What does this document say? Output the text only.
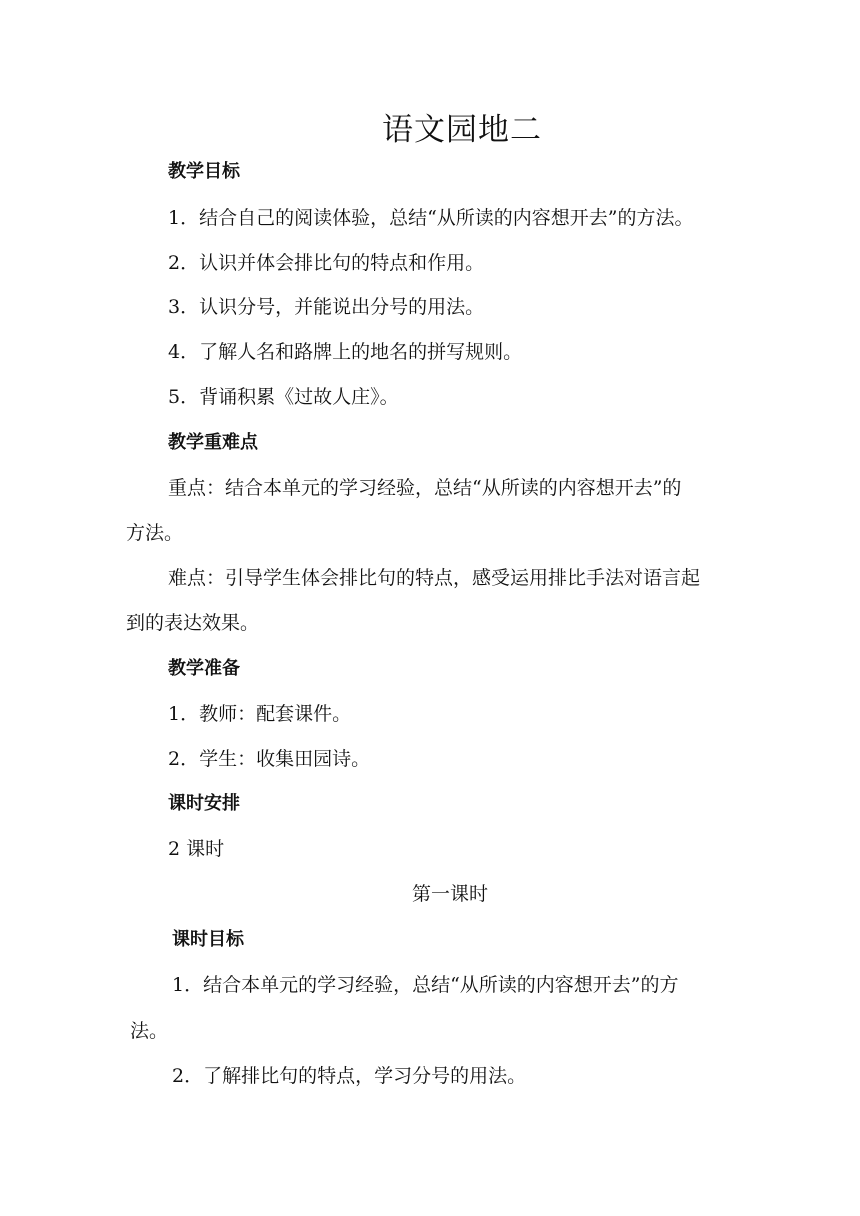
语文园地二
教学目标
1．结合自己的阅读体验，总结“从所读的内容想开去”的方法。
2．认识并体会排比句的特点和作用。
3．认识分号，并能说出分号的用法。
4．了解人名和路牌上的地名的拼写规则。
5．背诵积累《过故人庄》。
教学重难点
重点：结合本单元的学习经验，总结“从所读的内容想开去”的
方法。
难点：引导学生体会排比句的特点，感受运用排比手法对语言起
到的表达效果。
教学准备
1．教师：配套课件。
2．学生：收集田园诗。
课时安排
2 课时
第一课时
课时目标
1．结合本单元的学习经验，总结“从所读的内容想开去”的方
法。
2．了解排比句的特点，学习分号的用法。
